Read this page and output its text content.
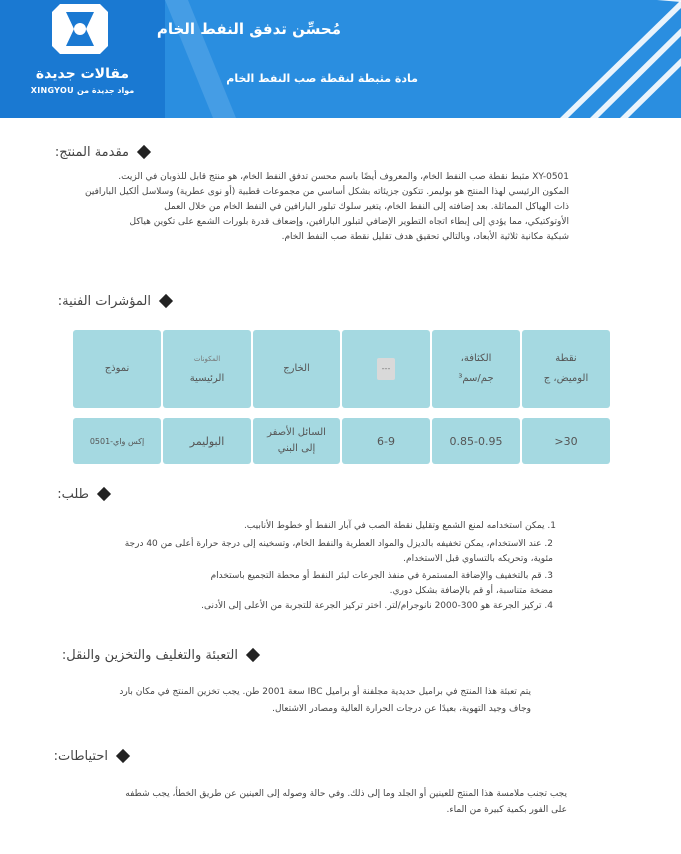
مقالات جديدة
XINGYOU مواد جديدة من
مُحسِّن تدفق النفط الخام
مادة مثبطة لنقطة صب النفط الخام
مقدمة المنتج:

XY-0501 مثبط نقطة صب النفط الخام، والمعروف أيضًا باسم محسن تدفق النفط الخام، هو منتج قابل للذوبان في الزيت.

المكون الرئيسي لهذا المنتج هو بوليمر. تتكون جزيئاته بشكل أساسي من مجموعات قطبية (أو نوى عطرية) وسلاسل ألكيل البارافين

ذات الهياكل المماثلة. بعد إضافته إلى النفط الخام، يتغير سلوك تبلور البارافين في النفط الخام من خلال العمل

الأوتوكتيكي، مما يؤدي إلى إبطاء اتجاه التطوير الإضافي لتبلور البارافين، وإضعاف قدرة بلورات الشمع على تكوين هياكل

شبكية مكانية ثلاثية الأبعاد، وبالتالي تحقيق هدف تقليل نقطة صب النفط الخام.

المؤشرات الفنية:
نقطة
الوميض، ج
الكثافة،
جم/سم³
---
الخارج
المكونات
الرئيسية
نموذج
30<
0.85-0.95
6-9
السائل الأصفر
إلى البني
البوليمر
إكس واي-0501
طلب:
1. يمكن استخدامه لمنع الشمع وتقليل نقطة الصب في آبار النفط أو خطوط الأنابيب.
2. عند الاستخدام، يمكن تخفيفه بالديزل والمواد العطرية والنفط الخام، وتسخينه إلى درجة حرارة أعلى من 40 درجة
مئوية، وتحريكه بالتساوي قبل الاستخدام.
3. قم بالتخفيف والإضافة المستمرة في منفذ الجرعات لبئر النفط أو محطة التجميع باستخدام
مضخة متناسبة، أو قم بالإضافة بشكل دوري.
4. تركيز الجرعة هو 300-2000 نانوجرام/لتر. اختر تركيز الجرعة للتجربة من الأعلى إلى الأدنى.
التعبئة والتغليف والتخزين والنقل:

يتم تعبئة هذا المنتج في براميل حديدية مجلفنة أو براميل IBC سعة 2001 طن. يجب تخزين المنتج في مكان بارد

وجاف وجيد التهوية، بعيدًا عن درجات الحرارة العالية ومصادر الاشتعال.

احتياطات:

يجب تجنب ملامسة هذا المنتج للعينين أو الجلد وما إلى ذلك. وفي حالة وصوله إلى العينين عن طريق الخطأ، يجب شطفه

على الفور بكمية كبيرة من الماء.
